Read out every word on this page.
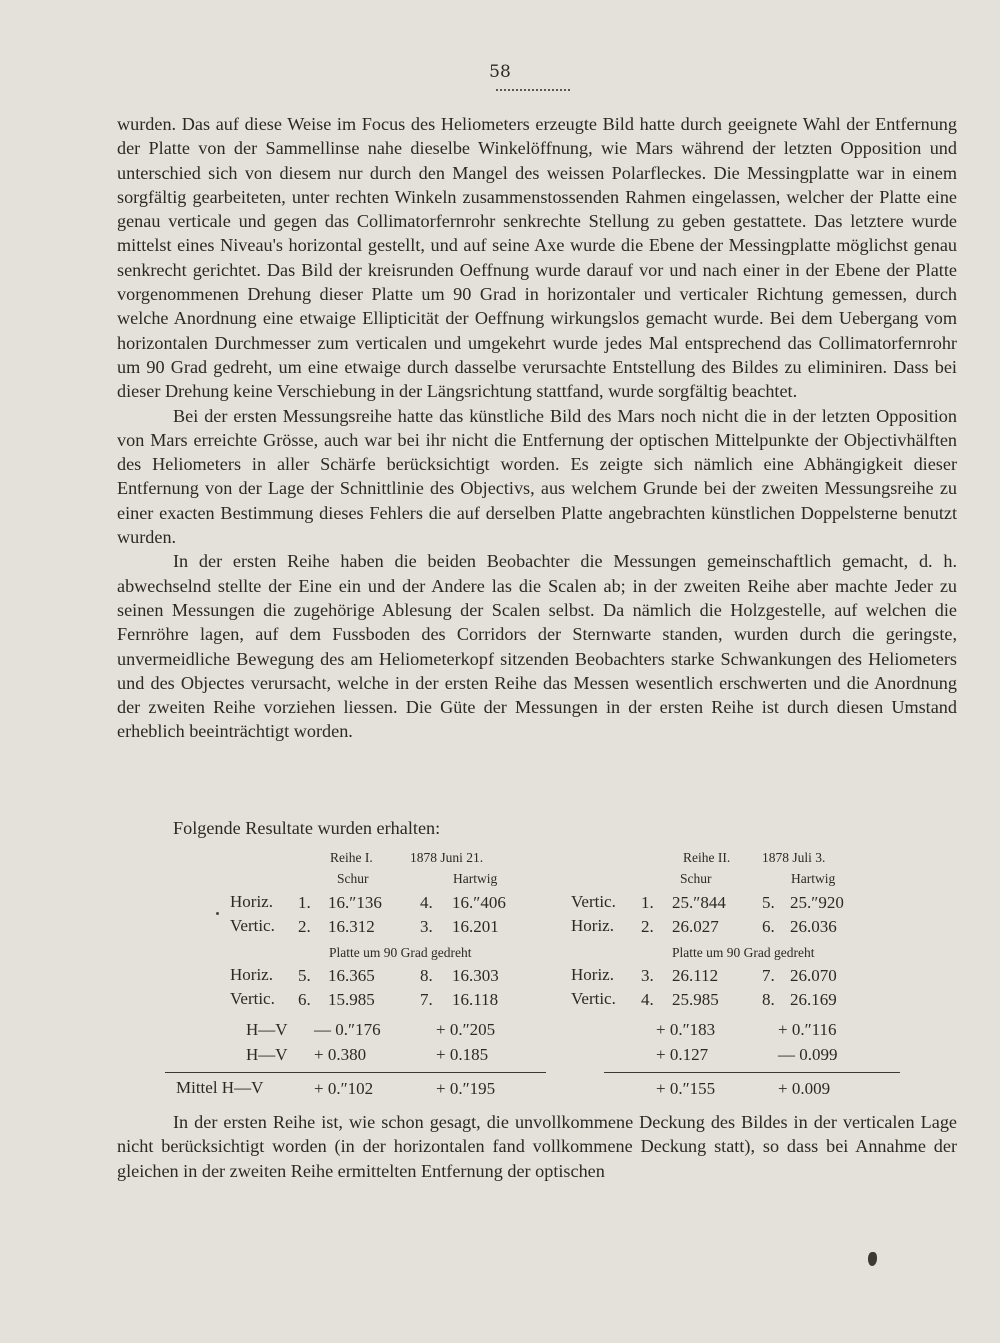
58

wurden. Das auf diese Weise im Focus des Heliometers erzeugte Bild hatte durch geeignete Wahl der Entfernung der Platte von der Sammellinse nahe dieselbe Winkelöffnung, wie Mars während der letzten Opposition und unterschied sich von diesem nur durch den Mangel des weissen Polarfleckes. Die Messingplatte war in einem sorgfältig gearbeiteten, unter rechten Winkeln zusammenstossenden Rahmen eingelassen, welcher der Platte eine genau verticale und gegen das Collimatorfernrohr senkrechte Stellung zu geben gestattete. Das letztere wurde mittelst eines Niveau's horizontal gestellt, und auf seine Axe wurde die Ebene der Messingplatte möglichst genau senkrecht gerichtet. Das Bild der kreisrunden Oeffnung wurde darauf vor und nach einer in der Ebene der Platte vorgenommenen Drehung dieser Platte um 90 Grad in horizontaler und verticaler Richtung gemessen, durch welche Anordnung eine etwaige Ellipticität der Oeffnung wirkungslos gemacht wurde. Bei dem Uebergang vom horizontalen Durchmesser zum verticalen und umgekehrt wurde jedes Mal entsprechend das Collimatorfernrohr um 90 Grad gedreht, um eine etwaige durch dasselbe verursachte Entstellung des Bildes zu eliminiren. Dass bei dieser Drehung keine Verschiebung in der Längsrichtung stattfand, wurde sorgfältig beachtet.

Bei der ersten Messungsreihe hatte das künstliche Bild des Mars noch nicht die in der letzten Opposition von Mars erreichte Grösse, auch war bei ihr nicht die Entfernung der optischen Mittelpunkte der Objectivhälften des Heliometers in aller Schärfe berücksichtigt worden. Es zeigte sich nämlich eine Abhängigkeit dieser Entfernung von der Lage der Schnittlinie des Objectivs, aus welchem Grunde bei der zweiten Messungsreihe zu einer exacten Bestimmung dieses Fehlers die auf derselben Platte angebrachten künstlichen Doppelsterne benutzt wurden.

In der ersten Reihe haben die beiden Beobachter die Messungen gemeinschaftlich gemacht, d. h. abwechselnd stellte der Eine ein und der Andere las die Scalen ab; in der zweiten Reihe aber machte Jeder zu seinen Messungen die zugehörige Ablesung der Scalen selbst. Da nämlich die Holzgestelle, auf welchen die Fernröhre lagen, auf dem Fussboden des Corridors der Sternwarte standen, wurden durch die geringste, unvermeidliche Bewegung des am Heliometerkopf sitzenden Beobachters starke Schwankungen des Heliometers und des Objectes verursacht, welche in der ersten Reihe das Messen wesentlich erschwerten und die Anordnung der zweiten Reihe vorziehen liessen. Die Güte der Messungen in der ersten Reihe ist durch diesen Umstand erheblich beeinträchtigt worden.

Folgende Resultate wurden erhalten:
Reihe I.	1878 Juni 21.
Schur	Hartwig
Horiz. 1. 16.″136 4. 16.″406
Vertic. 2. 16.312	3. 16.201
Platte um 90 Grad gedreht
Horiz. 5. 16.365	8. 16.303
Vertic. 6. 15.985	7. 16.118
H—V — 0.″176	+ 0.″205
H—V + 0.380	+ 0.185
Mittel H—V	+ 0.″102	+ 0.″195
Reihe II. 1878 Juli 3.
Schur	Hartwig
Vertic. 1. 25.″844 5. 25.″920
Horiz. 2. 26.027	6. 26.036
Platte um 90 Grad gedreht
Horiz. 3. 26.112	7. 26.070
Vertic. 4. 25.985	8. 26.169
+ 0.″183	+ 0.″116
+ 0.127	— 0.099
+ 0.″155	+ 0.009

In der ersten Reihe ist, wie schon gesagt, die unvollkommene Deckung des Bildes in der verticalen Lage nicht berücksichtigt worden (in der horizontalen fand vollkommene Deckung statt), so dass bei Annahme der gleichen in der zweiten Reihe ermittelten Entfernung der optischen
